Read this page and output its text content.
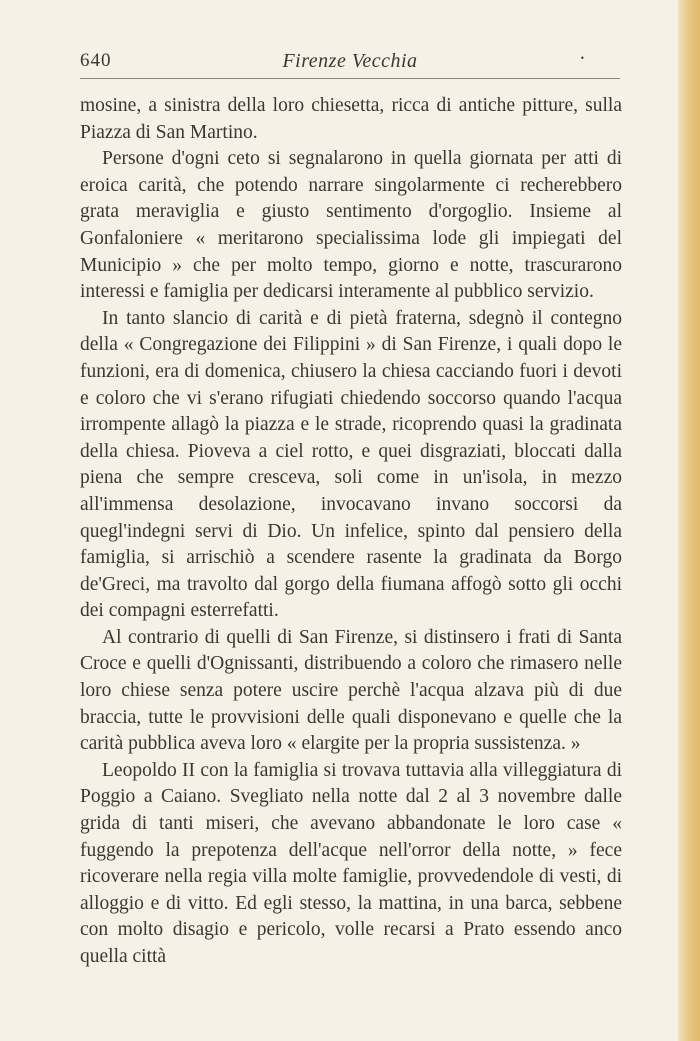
640	Firenze Vecchia	•

mosine, a sinistra della loro chiesetta, ricca di antiche pitture, sulla Piazza di San Martino.

Persone d'ogni ceto si segnalarono in quella giornata per atti di eroica carità, che potendo narrare singolarmente ci recherebbero grata meraviglia e giusto sentimento d'orgoglio. Insieme al Gonfaloniere « meritarono specialissima lode gli impiegati del Municipio » che per molto tempo, giorno e notte, trascurarono interessi e famiglia per dedicarsi interamente al pubblico servizio.

In tanto slancio di carità e di pietà fraterna, sdegnò il contegno della « Congregazione dei Filippini » di San Firenze, i quali dopo le funzioni, era di domenica, chiusero la chiesa cacciando fuori i devoti e coloro che vi s'erano rifugiati chiedendo soccorso quando l'acqua irrompente allagò la piazza e le strade, ricoprendo quasi la gradinata della chiesa. Pioveva a ciel rotto, e quei disgraziati, bloccati dalla piena che sempre cresceva, soli come in un'isola, in mezzo all'immensa desolazione, invocavano invano soccorsi da quegl'indegni servi di Dio. Un infelice, spinto dal pensiero della famiglia, si arrischiò a scendere rasente la gradinata da Borgo de'Greci, ma travolto dal gorgo della fiumana affogò sotto gli occhi dei compagni esterrefatti.

Al contrario di quelli di San Firenze, si distinsero i frati di Santa Croce e quelli d'Ognissanti, distribuendo a coloro che rimasero nelle loro chiese senza potere uscire perchè l'acqua alzava più di due braccia, tutte le provvisioni delle quali disponevano e quelle che la carità pubblica aveva loro « elargite per la propria sussistenza. »

Leopoldo II con la famiglia si trovava tuttavia alla villeggiatura di Poggio a Caiano. Svegliato nella notte dal 2 al 3 novembre dalle grida di tanti miseri, che avevano abbandonate le loro case « fuggendo la prepotenza dell'acque nell'orror della notte, » fece ricoverare nella regia villa molte famiglie, provvedendole di vesti, di alloggio e di vitto. Ed egli stesso, la mattina, in una barca, sebbene con molto disagio e pericolo, volle recarsi a Prato essendo anco quella città
